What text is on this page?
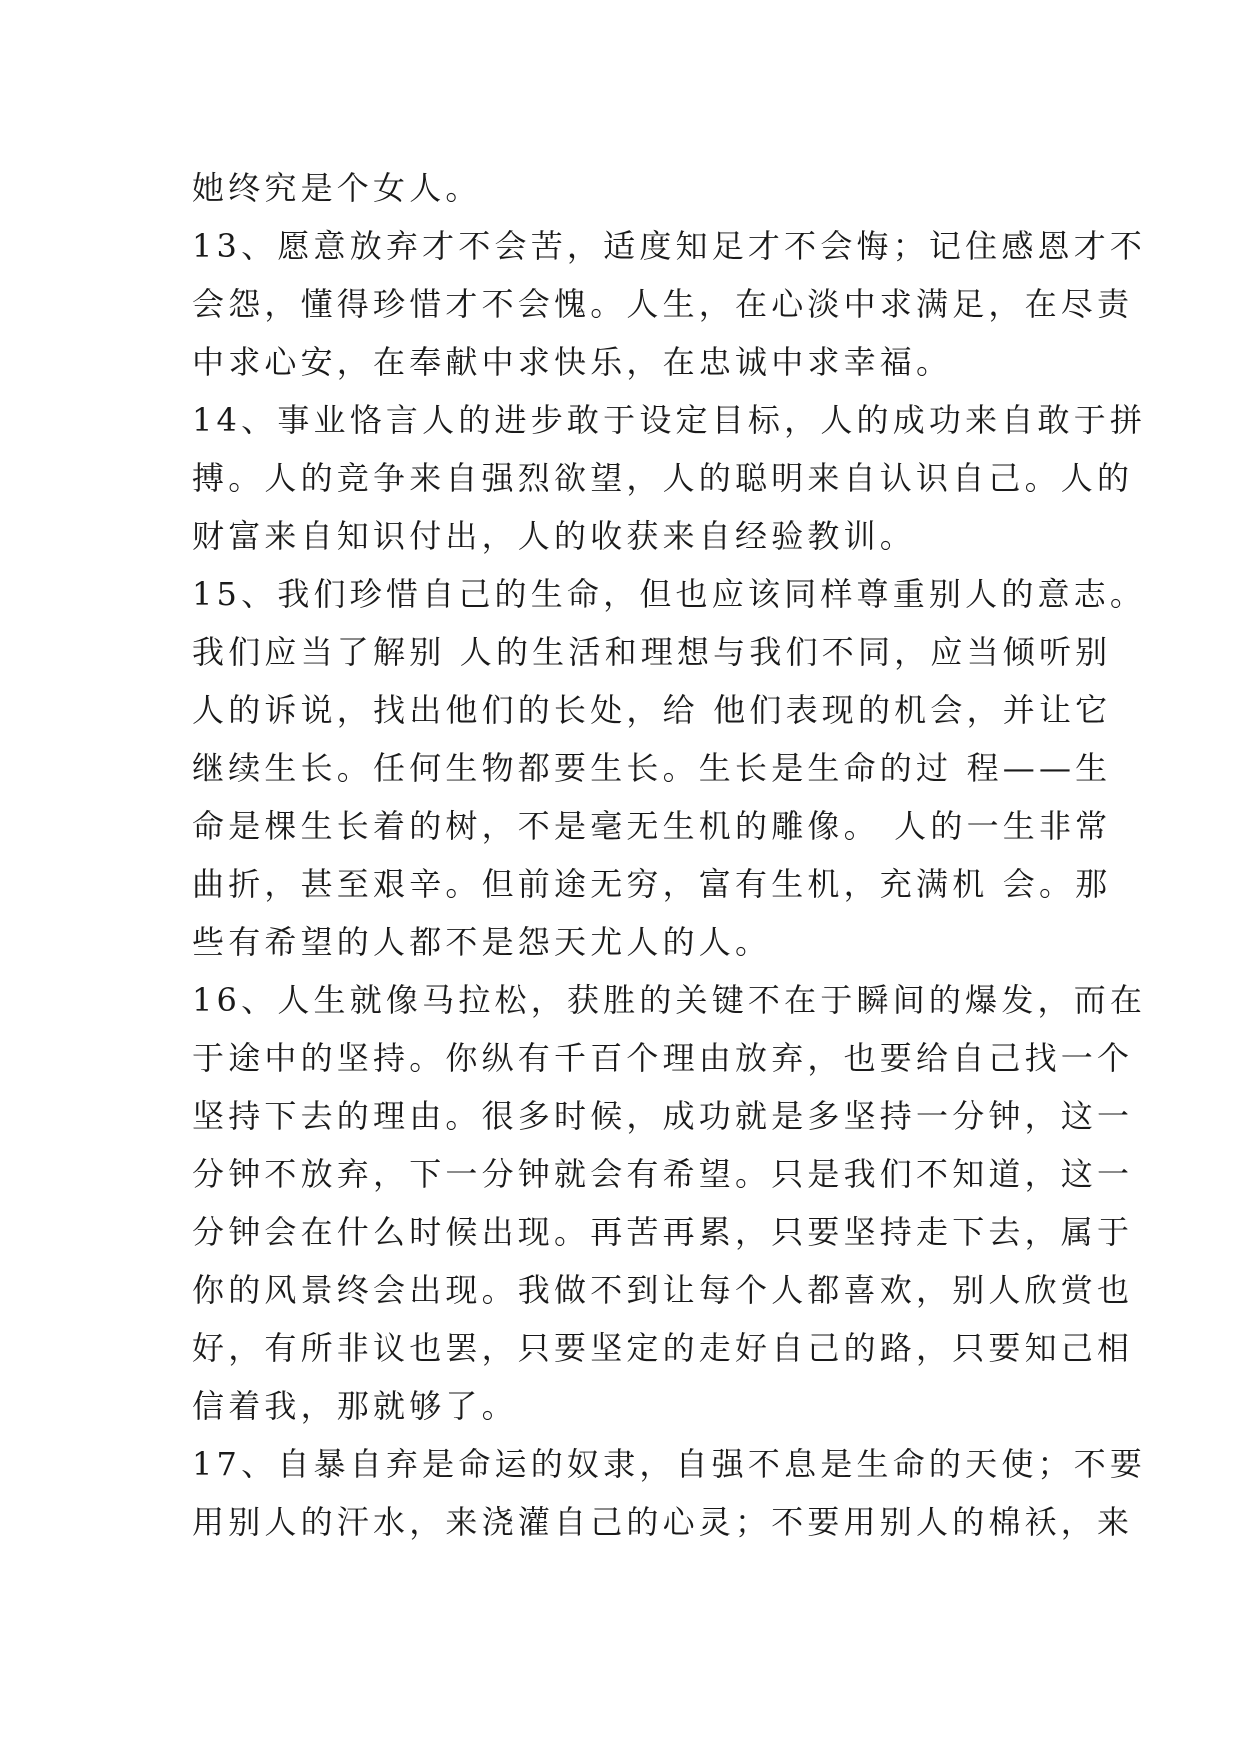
她终究是个女人。

13、愿意放弃才不会苦，适度知足才不会悔；记住感恩才不

会怨，懂得珍惜才不会愧。人生，在心淡中求满足，在尽责

中求心安，在奉献中求快乐，在忠诚中求幸福。

14、事业恪言人的进步敢于设定目标，人的成功来自敢于拼

搏。人的竞争来自强烈欲望，人的聪明来自认识自己。人的

财富来自知识付出，人的收获来自经验教训。

15、我们珍惜自己的生命，但也应该同样尊重别人的意志。

我们应当了解别 人的生活和理想与我们不同，应当倾听别

人的诉说，找出他们的长处，给 他们表现的机会，并让它

继续生长。任何生物都要生长。生长是生命的过 程——生

命是棵生长着的树，不是毫无生机的雕像。 人的一生非常

曲折，甚至艰辛。但前途无穷，富有生机，充满机 会。那

些有希望的人都不是怨天尤人的人。

16、人生就像马拉松，获胜的关键不在于瞬间的爆发，而在

于途中的坚持。你纵有千百个理由放弃，也要给自己找一个

坚持下去的理由。很多时候，成功就是多坚持一分钟，这一

分钟不放弃，下一分钟就会有希望。只是我们不知道，这一

分钟会在什么时候出现。再苦再累，只要坚持走下去，属于

你的风景终会出现。我做不到让每个人都喜欢，别人欣赏也

好，有所非议也罢，只要坚定的走好自己的路，只要知己相

信着我，那就够了。

17、自暴自弃是命运的奴隶，自强不息是生命的天使；不要

用别人的汗水，来浇灌自己的心灵；不要用别人的棉袄，来
